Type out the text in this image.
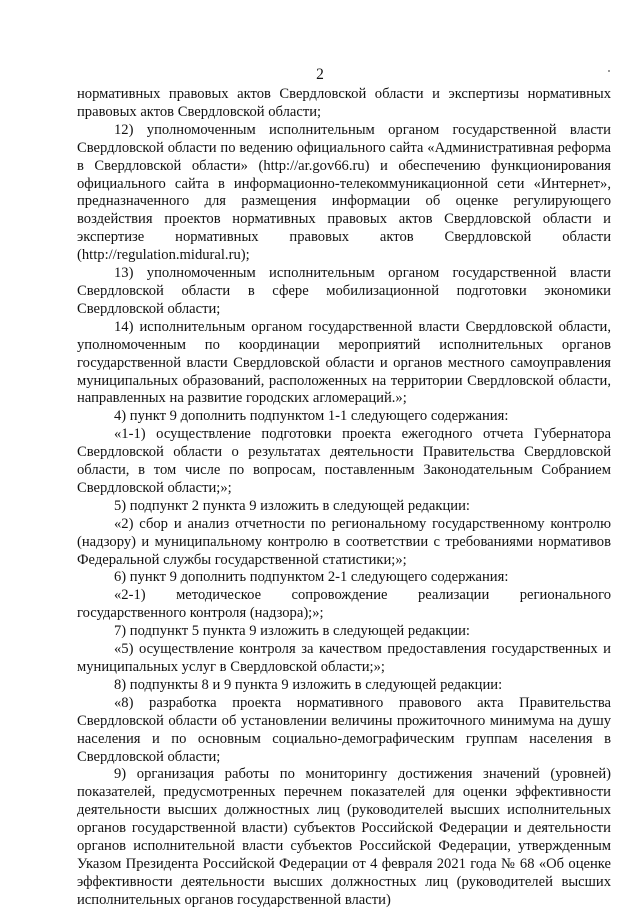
2

нормативных правовых актов Свердловской области и экспертизы нормативных правовых актов Свердловской области;

12) уполномоченным исполнительным органом государственной власти Свердловской области по ведению официального сайта «Административная реформа в Свердловской области» (http://ar.gov66.ru) и обеспечению функционирования официального сайта в информационно-телекоммуникационной сети «Интернет», предназначенного для размещения информации об оценке регулирующего воздействия проектов нормативных правовых актов Свердловской области и экспертизе нормативных правовых актов Свердловской области (http://regulation.midural.ru);

13) уполномоченным исполнительным органом государственной власти Свердловской области в сфере мобилизационной подготовки экономики Свердловской области;

14) исполнительным органом государственной власти Свердловской области, уполномоченным по координации мероприятий исполнительных органов государственной власти Свердловской области и органов местного самоуправления муниципальных образований, расположенных на территории Свердловской области, направленных на развитие городских агломераций.»;

4) пункт 9 дополнить подпунктом 1-1 следующего содержания:

«1-1) осуществление подготовки проекта ежегодного отчета Губернатора Свердловской области о результатах деятельности Правительства Свердловской области, в том числе по вопросам, поставленным Законодательным Собранием Свердловской области;»;

5) подпункт 2 пункта 9 изложить в следующей редакции:

«2) сбор и анализ отчетности по региональному государственному контролю (надзору) и муниципальному контролю в соответствии с требованиями нормативов Федеральной службы государственной статистики;»;

6) пункт 9 дополнить подпунктом 2-1 следующего содержания:

«2-1) методическое сопровождение реализации регионального государственного контроля (надзора);»;

7) подпункт 5 пункта 9 изложить в следующей редакции:

«5) осуществление контроля за качеством предоставления государственных и муниципальных услуг в Свердловской области;»;

8) подпункты 8 и 9 пункта 9 изложить в следующей редакции:

«8) разработка проекта нормативного правового акта Правительства Свердловской области об установлении величины прожиточного минимума на душу населения и по основным социально-демографическим группам населения в Свердловской области;

9) организация работы по мониторингу достижения значений (уровней) показателей, предусмотренных перечнем показателей для оценки эффективности деятельности высших должностных лиц (руководителей высших исполнительных органов государственной власти) субъектов Российской Федерации и деятельности органов исполнительной власти субъектов Российской Федерации, утвержденным Указом Президента Российской Федерации от 4 февраля 2021 года № 68 «Об оценке эффективности деятельности высших должностных лиц (руководителей высших исполнительных органов государственной власти)
